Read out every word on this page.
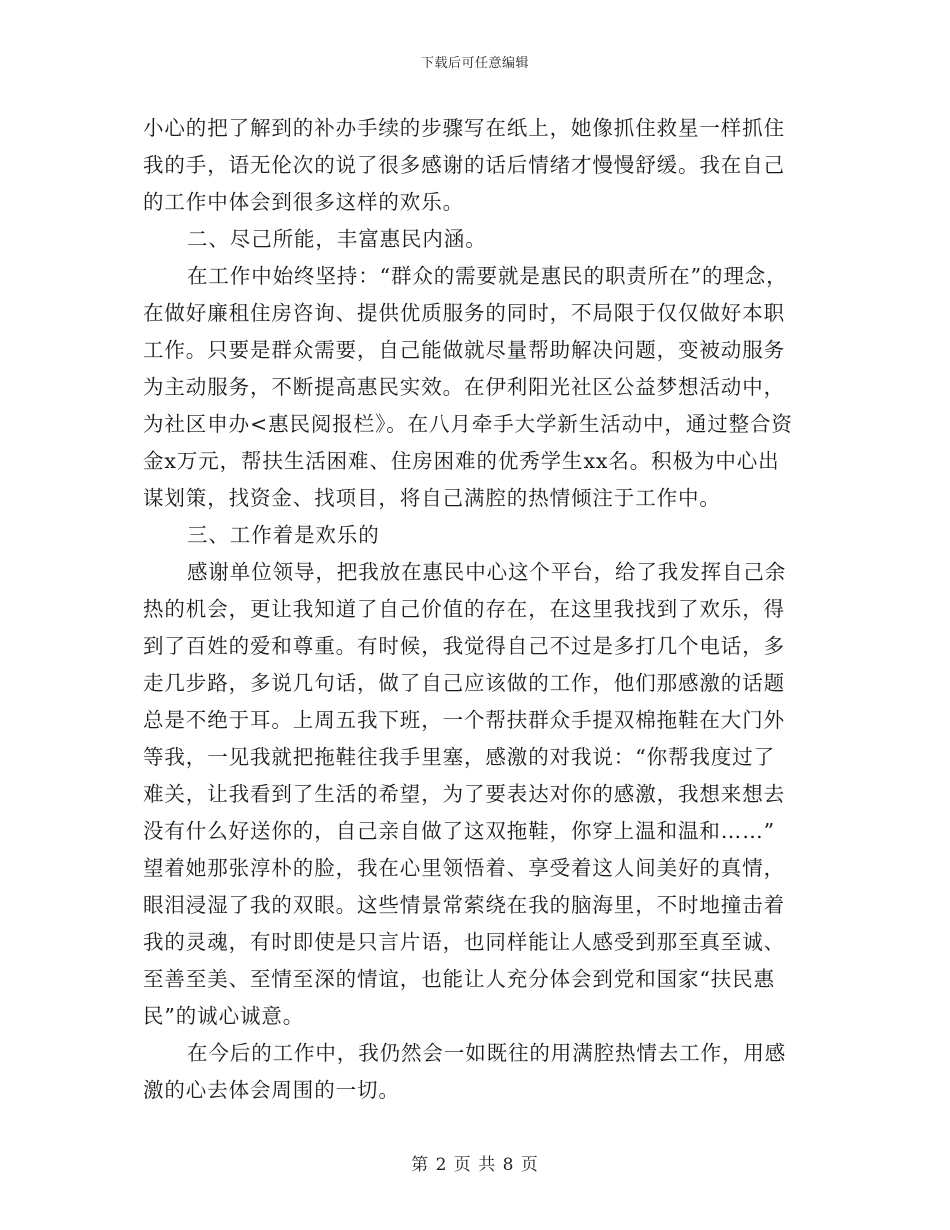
下载后可任意编辑
小心的把了解到的补办手续的步骤写在纸上，她像抓住救星一样抓住
我的手，语无伦次的说了很多感谢的话后情绪才慢慢舒缓。我在自己
的工作中体会到很多这样的欢乐。
二、尽己所能，丰富惠民内涵。
在工作中始终坚持：“群众的需要就是惠民的职责所在”的理念，
在做好廉租住房咨询、提供优质服务的同时，不局限于仅仅做好本职
工作。只要是群众需要，自己能做就尽量帮助解决问题，变被动服务
为主动服务，不断提高惠民实效。在伊利阳光社区公益梦想活动中，
为社区申办<惠民阅报栏》。在八月牵手大学新生活动中，通过整合资
金x万元，帮扶生活困难、住房困难的优秀学生xx名。积极为中心出
谋划策，找资金、找项目，将自己满腔的热情倾注于工作中。
三、工作着是欢乐的
感谢单位领导，把我放在惠民中心这个平台，给了我发挥自己余
热的机会，更让我知道了自己价值的存在，在这里我找到了欢乐，得
到了百姓的爱和尊重。有时候，我觉得自己不过是多打几个电话，多
走几步路，多说几句话，做了自己应该做的工作，他们那感激的话题
总是不绝于耳。上周五我下班，一个帮扶群众手提双棉拖鞋在大门外
等我，一见我就把拖鞋往我手里塞，感激的对我说：“你帮我度过了
难关，让我看到了生活的希望，为了要表达对你的感激，我想来想去
没有什么好送你的，自己亲自做了这双拖鞋，你穿上温和温和……”
望着她那张淳朴的脸，我在心里领悟着、享受着这人间美好的真情，
眼泪浸湿了我的双眼。这些情景常萦绕在我的脑海里，不时地撞击着
我的灵魂，有时即使是只言片语，也同样能让人感受到那至真至诚、
至善至美、至情至深的情谊，也能让人充分体会到党和国家“扶民惠
民”的诚心诚意。
在今后的工作中，我仍然会一如既往的用满腔热情去工作，用感
激的心去体会周围的一切。
第 2 页 共 8 页
